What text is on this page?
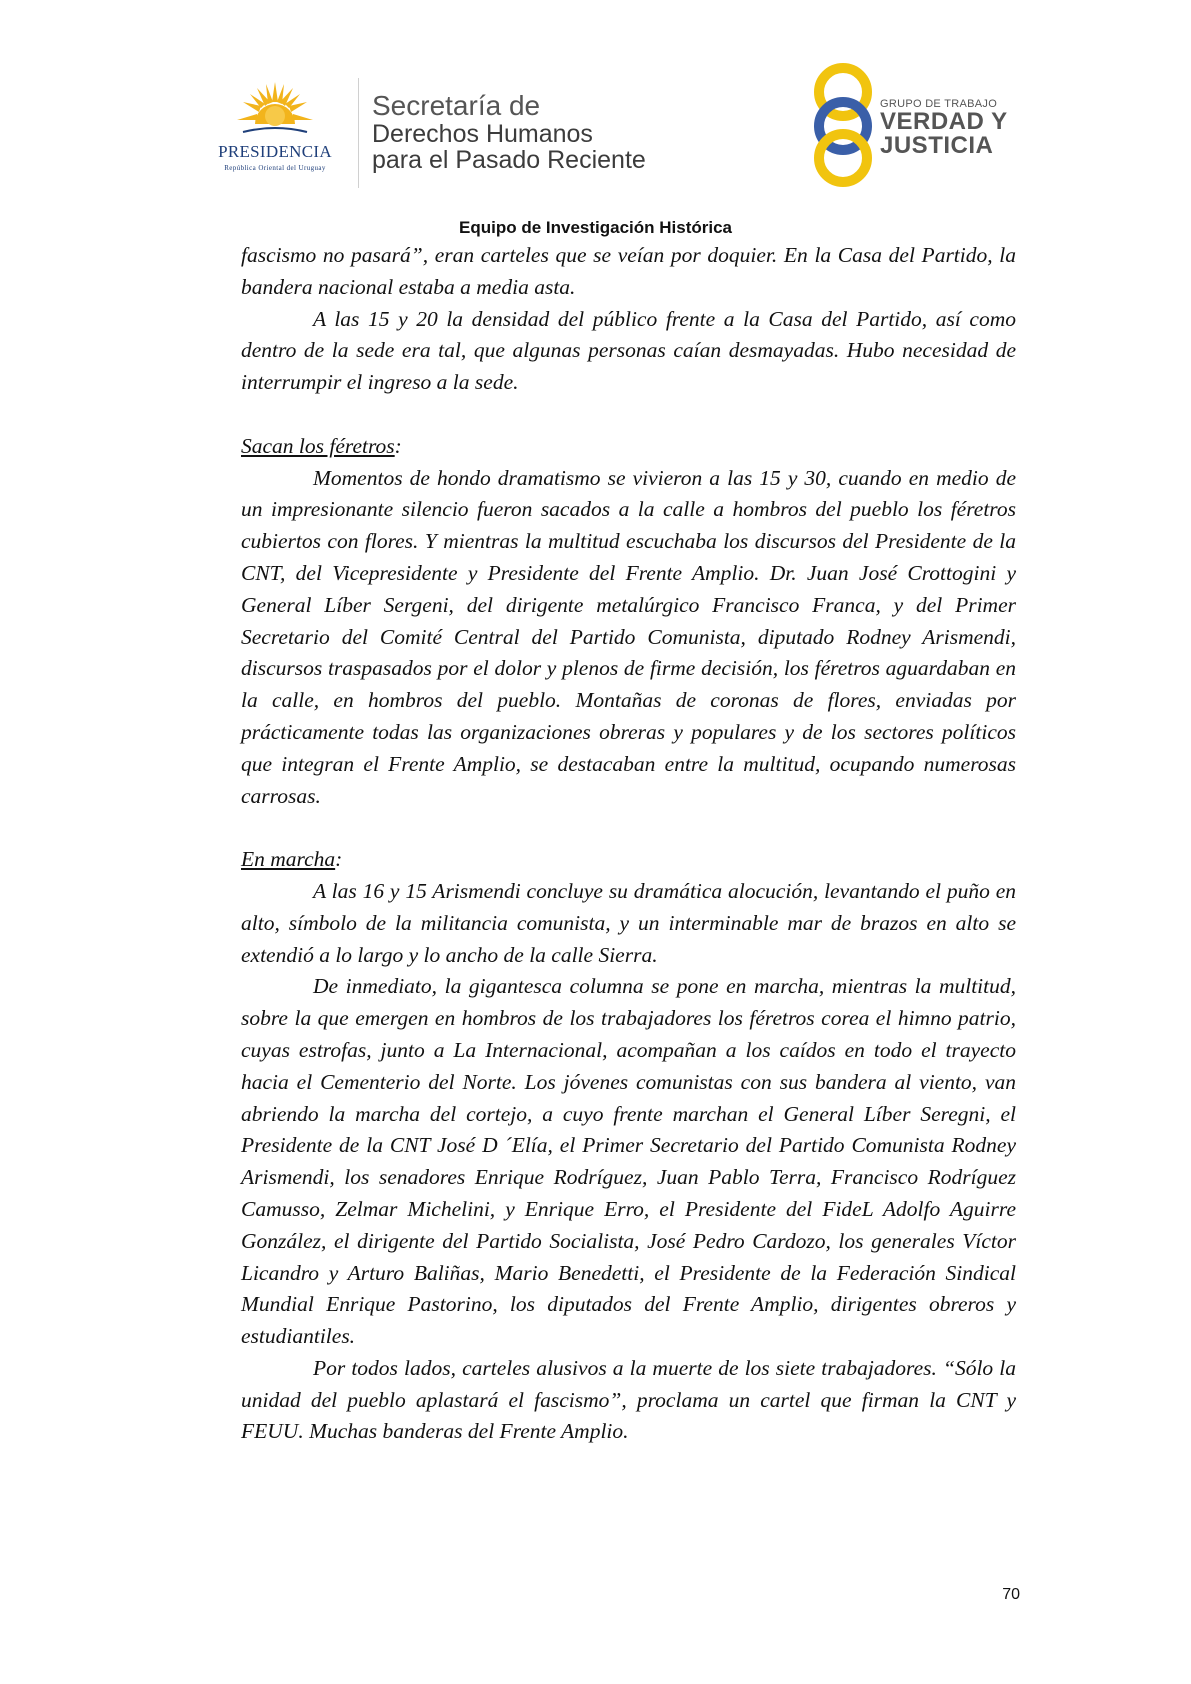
PRESIDENCIA
República Oriental del Uruguay
Secretaría de
Derechos Humanos
para el Pasado Reciente
GRUPO DE TRABAJO
VERDAD Y
JUSTICIA
Equipo de Investigación Histórica

fascismo no pasará”, eran carteles que se veían por doquier. En la Casa del Partido, la bandera nacional estaba a media asta.

A las 15 y 20 la densidad del público frente a la Casa del Partido, así como dentro de la sede era tal, que algunas personas caían desmayadas. Hubo necesidad de interrumpir el ingreso a la sede.

Sacan los féretros:

Momentos de hondo dramatismo se vivieron a las 15 y 30, cuando en medio de un impresionante silencio fueron sacados a la calle a hombros del pueblo los féretros cubiertos con flores. Y mientras la multitud escuchaba los discursos del Presidente de la CNT, del Vicepresidente y Presidente del Frente Amplio. Dr. Juan José Crottogini y General Líber Sergeni, del dirigente metalúrgico Francisco Franca, y del Primer Secretario del Comité Central del Partido Comunista, diputado Rodney Arismendi, discursos traspasados por el dolor y plenos de firme decisión, los féretros aguardaban en la calle, en hombros del pueblo. Montañas de coronas de flores, enviadas por prácticamente todas las organizaciones obreras y populares y de los sectores políticos que integran el Frente Amplio, se destacaban entre la multitud, ocupando numerosas carrosas.

En marcha:

A las 16 y 15 Arismendi concluye su dramática alocución, levantando el puño en alto, símbolo de la militancia comunista, y un interminable mar de brazos en alto se extendió a lo largo y lo ancho de la calle Sierra.

De inmediato, la gigantesca columna se pone en marcha, mientras la multitud, sobre la que emergen en hombros de los trabajadores los féretros corea el himno patrio, cuyas estrofas, junto a La Internacional, acompañan a los caídos en todo el trayecto hacia el Cementerio del Norte. Los jóvenes comunistas con sus bandera al viento, van abriendo la marcha del cortejo, a cuyo frente marchan el General Líber Seregni, el Presidente de la CNT José D ´Elía, el Primer Secretario del Partido Comunista Rodney Arismendi, los senadores Enrique Rodríguez, Juan Pablo Terra, Francisco Rodríguez Camusso, Zelmar Michelini, y Enrique Erro, el Presidente del FideL Adolfo Aguirre González, el dirigente del Partido Socialista, José Pedro Cardozo, los generales Víctor Licandro y Arturo Baliñas, Mario Benedetti, el Presidente de la Federación Sindical Mundial Enrique Pastorino, los diputados del Frente Amplio, dirigentes obreros y estudiantiles.

Por todos lados, carteles alusivos a la muerte de los siete trabajadores. “Sólo la unidad del pueblo aplastará el fascismo”, proclama un cartel que firman la CNT y FEUU. Muchas banderas del Frente Amplio.

70
